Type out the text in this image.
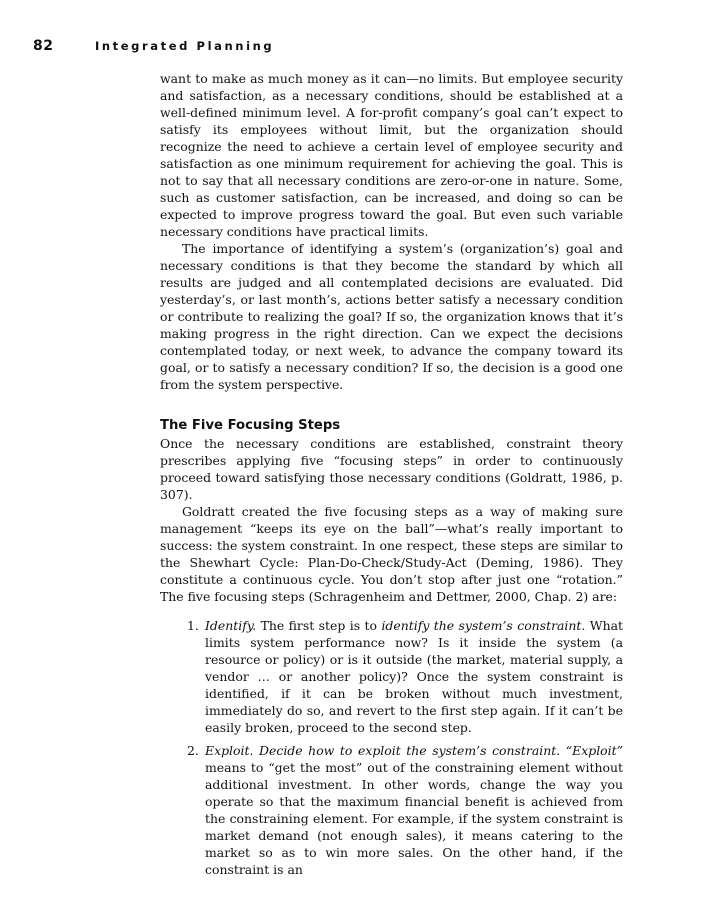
82	Integrated Planning

want to make as much money as it can—no limits. But employee security and satisfaction, as a necessary conditions, should be established at a well-defined minimum level. A for-profit company’s goal can’t expect to satisfy its employees without limit, but the organization should recognize the need to achieve a certain level of employee security and satisfaction as one minimum requirement for achieving the goal. This is not to say that all necessary conditions are zero-or-one in nature. Some, such as customer satisfaction, can be increased, and doing so can be expected to improve progress toward the goal. But even such variable necessary conditions have practical limits.

The importance of identifying a system’s (organization’s) goal and necessary conditions is that they become the standard by which all results are judged and all contemplated decisions are evaluated. Did yesterday’s, or last month’s, actions better satisfy a necessary condition or contribute to realizing the goal? If so, the organization knows that it’s making progress in the right direction. Can we expect the decisions contemplated today, or next week, to advance the company toward its goal, or to satisfy a necessary condition? If so, the decision is a good one from the system perspective.

The Five Focusing Steps

Once the necessary conditions are established, constraint theory prescribes applying five “focusing steps” in order to continuously proceed toward satisfying those necessary conditions (Goldratt, 1986, p. 307).

Goldratt created the five focusing steps as a way of making sure management “keeps its eye on the ball”—what’s really important to success: the system constraint. In one respect, these steps are similar to the Shewhart Cycle: Plan-Do-Check/Study-Act (Deming, 1986). They constitute a continuous cycle. You don’t stop after just one “rotation.” The five focusing steps (Schragenheim and Dettmer, 2000, Chap. 2) are:

1. Identify. The first step is to identify the system’s constraint. What limits system performance now? Is it inside the system (a resource or policy) or is it outside (the market, material supply, a vendor … or another policy)? Once the system constraint is identified, if it can be broken without much investment, immediately do so, and revert to the first step again. If it can’t be easily broken, proceed to the second step.
2. Exploit. Decide how to exploit the system’s constraint. “Exploit” means to “get the most” out of the constraining element without additional investment. In other words, change the way you operate so that the maximum financial benefit is achieved from the constraining element. For example, if the system constraint is market demand (not enough sales), it means catering to the market so as to win more sales. On the other hand, if the constraint is an
